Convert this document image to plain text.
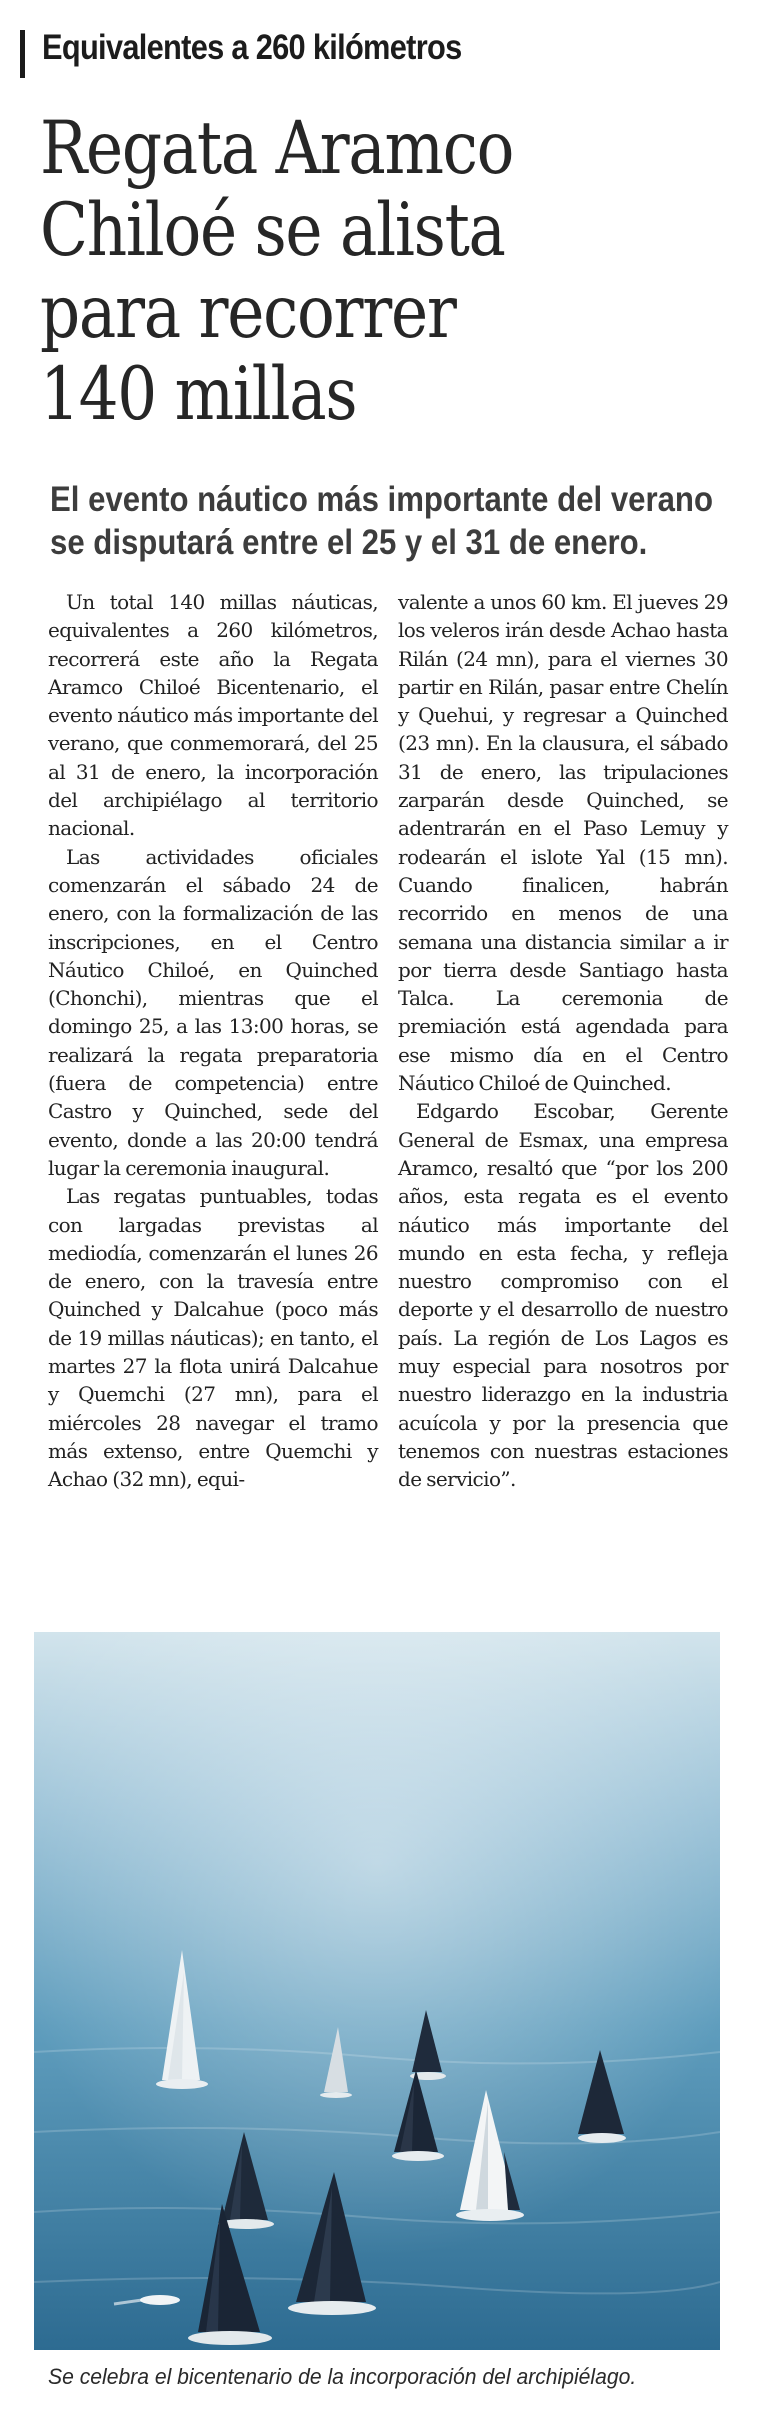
Equivalentes a 260 kilómetros
Regata Aramco
Chiloé se alista
para recorrer
140 millas
El evento náutico más importante del verano
se disputará entre el 25 y el 31 de enero.

Un total 140 millas náuticas, equivalentes a 260 kilómetros, recorrerá este año la Regata Aramco Chiloé Bicentenario, el evento náutico más importante del verano, que conmemorará, del 25 al 31 de enero, la incorporación del archipiélago al territorio nacional.

Las actividades oficiales comenzarán el sábado 24 de enero, con la formalización de las inscripciones, en el Centro Náutico Chiloé, en Quinched (Chonchi), mientras que el domingo 25, a las 13:00 horas, se realizará la regata preparatoria (fuera de competencia) entre Castro y Quinched, sede del evento, donde a las 20:00 tendrá lugar la ceremonia inaugural.

Las regatas puntuables, todas con largadas previstas al mediodía, comenzarán el lunes 26 de enero, con la travesía entre Quinched y Dalcahue (poco más de 19 millas náuticas); en tanto, el martes 27 la flota unirá Dalcahue y Quemchi (27 mn), para el miércoles 28 navegar el tramo más extenso, entre Quemchi y Achao (32 mn), equi-

valente a unos 60 km. El jueves 29 los veleros irán desde Achao hasta Rilán (24 mn), para el viernes 30 partir en Rilán, pasar entre Chelín y Quehui, y regresar a Quinched (23 mn). En la clausura, el sábado 31 de enero, las tripulaciones zarparán desde Quinched, se adentrarán en el Paso Lemuy y rodearán el islote Yal (15 mn). Cuando finalicen, habrán recorrido en menos de una semana una distancia similar a ir por tierra desde Santiago hasta Talca. La ceremonia de premiación está agendada para ese mismo día en el Centro Náutico Chiloé de Quinched.

Edgardo Escobar, Gerente General de Esmax, una empresa Aramco, resaltó que “por los 200 años, esta regata es el evento náutico más importante del mundo en esta fecha, y refleja nuestro compromiso con el deporte y el desarrollo de nuestro país. La región de Los Lagos es muy especial para nosotros por nuestro liderazgo en la industria acuícola y por la presencia que tenemos con nuestras estaciones de servicio”.

Se celebra el bicentenario de la incorporación del archipiélago.
